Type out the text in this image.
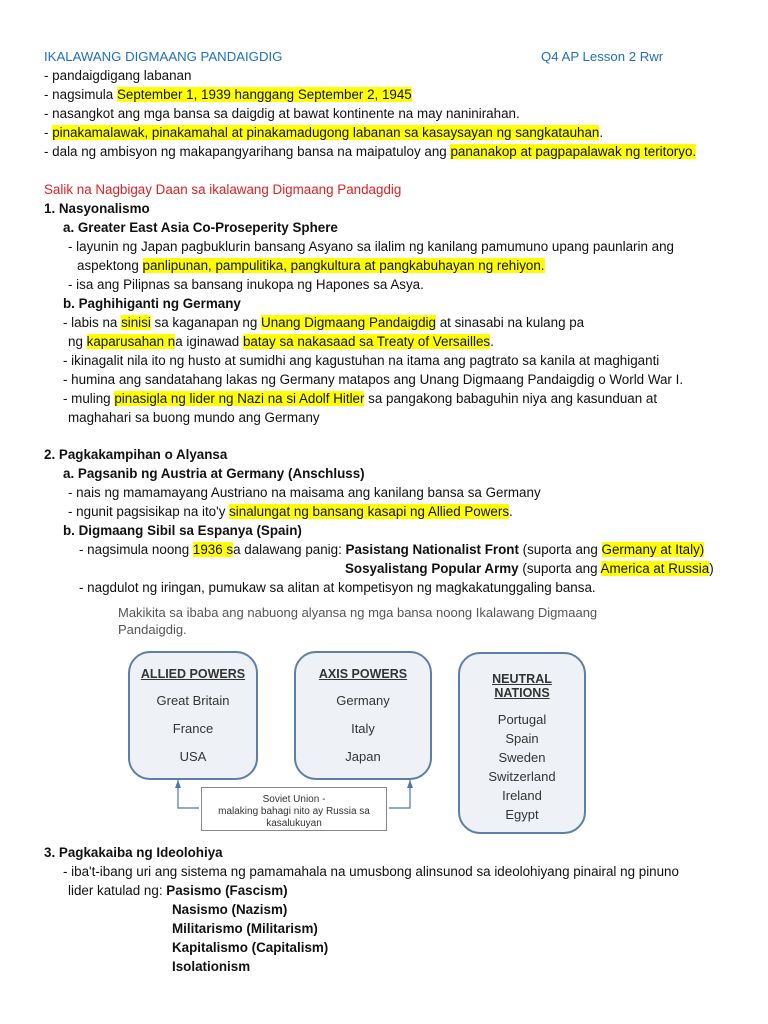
IKALAWANG DIGMAANG PANDAIGDIG	Q4 AP Lesson 2 Rwr
- pandaigdigang labanan
- nagsimula September 1, 1939 hanggang September 2, 1945
- nasangkot ang mga bansa sa daigdig at bawat kontinente na may naninirahan.
- pinakamalawak, pinakamahal at pinakamadugong labanan sa kasaysayan ng sangkatauhan.
- dala ng ambisyon ng makapangyarihang bansa na maipatuloy ang pananakop at pagpapalawak ng teritoryo.
Salik na Nagbigay Daan sa ikalawang Digmaang Pandagdig
1. Nasyonalismo
a. Greater East Asia Co-Proseperity Sphere
- layunin ng Japan pagbuklurin bansang Asyano sa ilalim ng kanilang pamumuno upang paunlarin ang
aspektong panlipunan, pampulitika, pangkultura at pangkabuhayan ng rehiyon.
- isa ang Pilipnas sa bansang inukopa ng Hapones sa Asya.
b. Paghihiganti ng Germany
- labis na sinisi sa kaganapan ng Unang Digmaang Pandaigdig at sinasabi na kulang pa
ng kaparusahan na iginawad batay sa nakasaad sa Treaty of Versailles.
- ikinagalit nila ito ng husto at sumidhi ang kagustuhan na itama ang pagtrato sa kanila at maghiganti
- humina ang sandatahang lakas ng Germany matapos ang Unang Digmaang Pandaigdig o World War I.
- muling pinasigla ng lider ng Nazi na si Adolf Hitler sa pangakong babaguhin niya ang kasunduan at
maghahari sa buong mundo ang Germany
2. Pagkakampihan o Alyansa
a. Pagsanib ng Austria at Germany (Anschluss)
- nais ng mamamayang Austriano na maisama ang kanilang bansa sa Germany
- ngunit pagsisikap na ito'y sinalungat ng bansang kasapi ng Allied Powers.
b. Digmaang Sibil sa Espanya (Spain)
- nagsimula noong 1936 sa dalawang panig: Pasistang Nationalist Front (suporta ang Germany at Italy)
Sosyalistang Popular Army (suporta ang America at Russia)
- nagdulot ng iringan, pumukaw sa alitan at kompetisyon ng magkakatunggaling bansa.
Makikita sa ibaba ang nabuong alyansa ng mga bansa noong Ikalawang Digmaang Pandaigdig.
ALLIED POWERS
Great Britain
France
USA
AXIS POWERS
Germany
Italy
Japan
NEUTRAL
NATIONS
Portugal
Spain
Sweden
Switzerland
Ireland
Egypt
Soviet Union -
malaking bahagi nito ay Russia sa
kasalukuyan
3. Pagkakaiba ng Ideolohiya
- iba't-ibang uri ang sistema ng pamamahala na umusbong alinsunod sa ideolohiyang pinairal ng pinuno
lider katulad ng: Pasismo (Fascism)
Nasismo (Nazism)
Militarismo (Militarism)
Kapitalismo (Capitalism)
Isolationism
